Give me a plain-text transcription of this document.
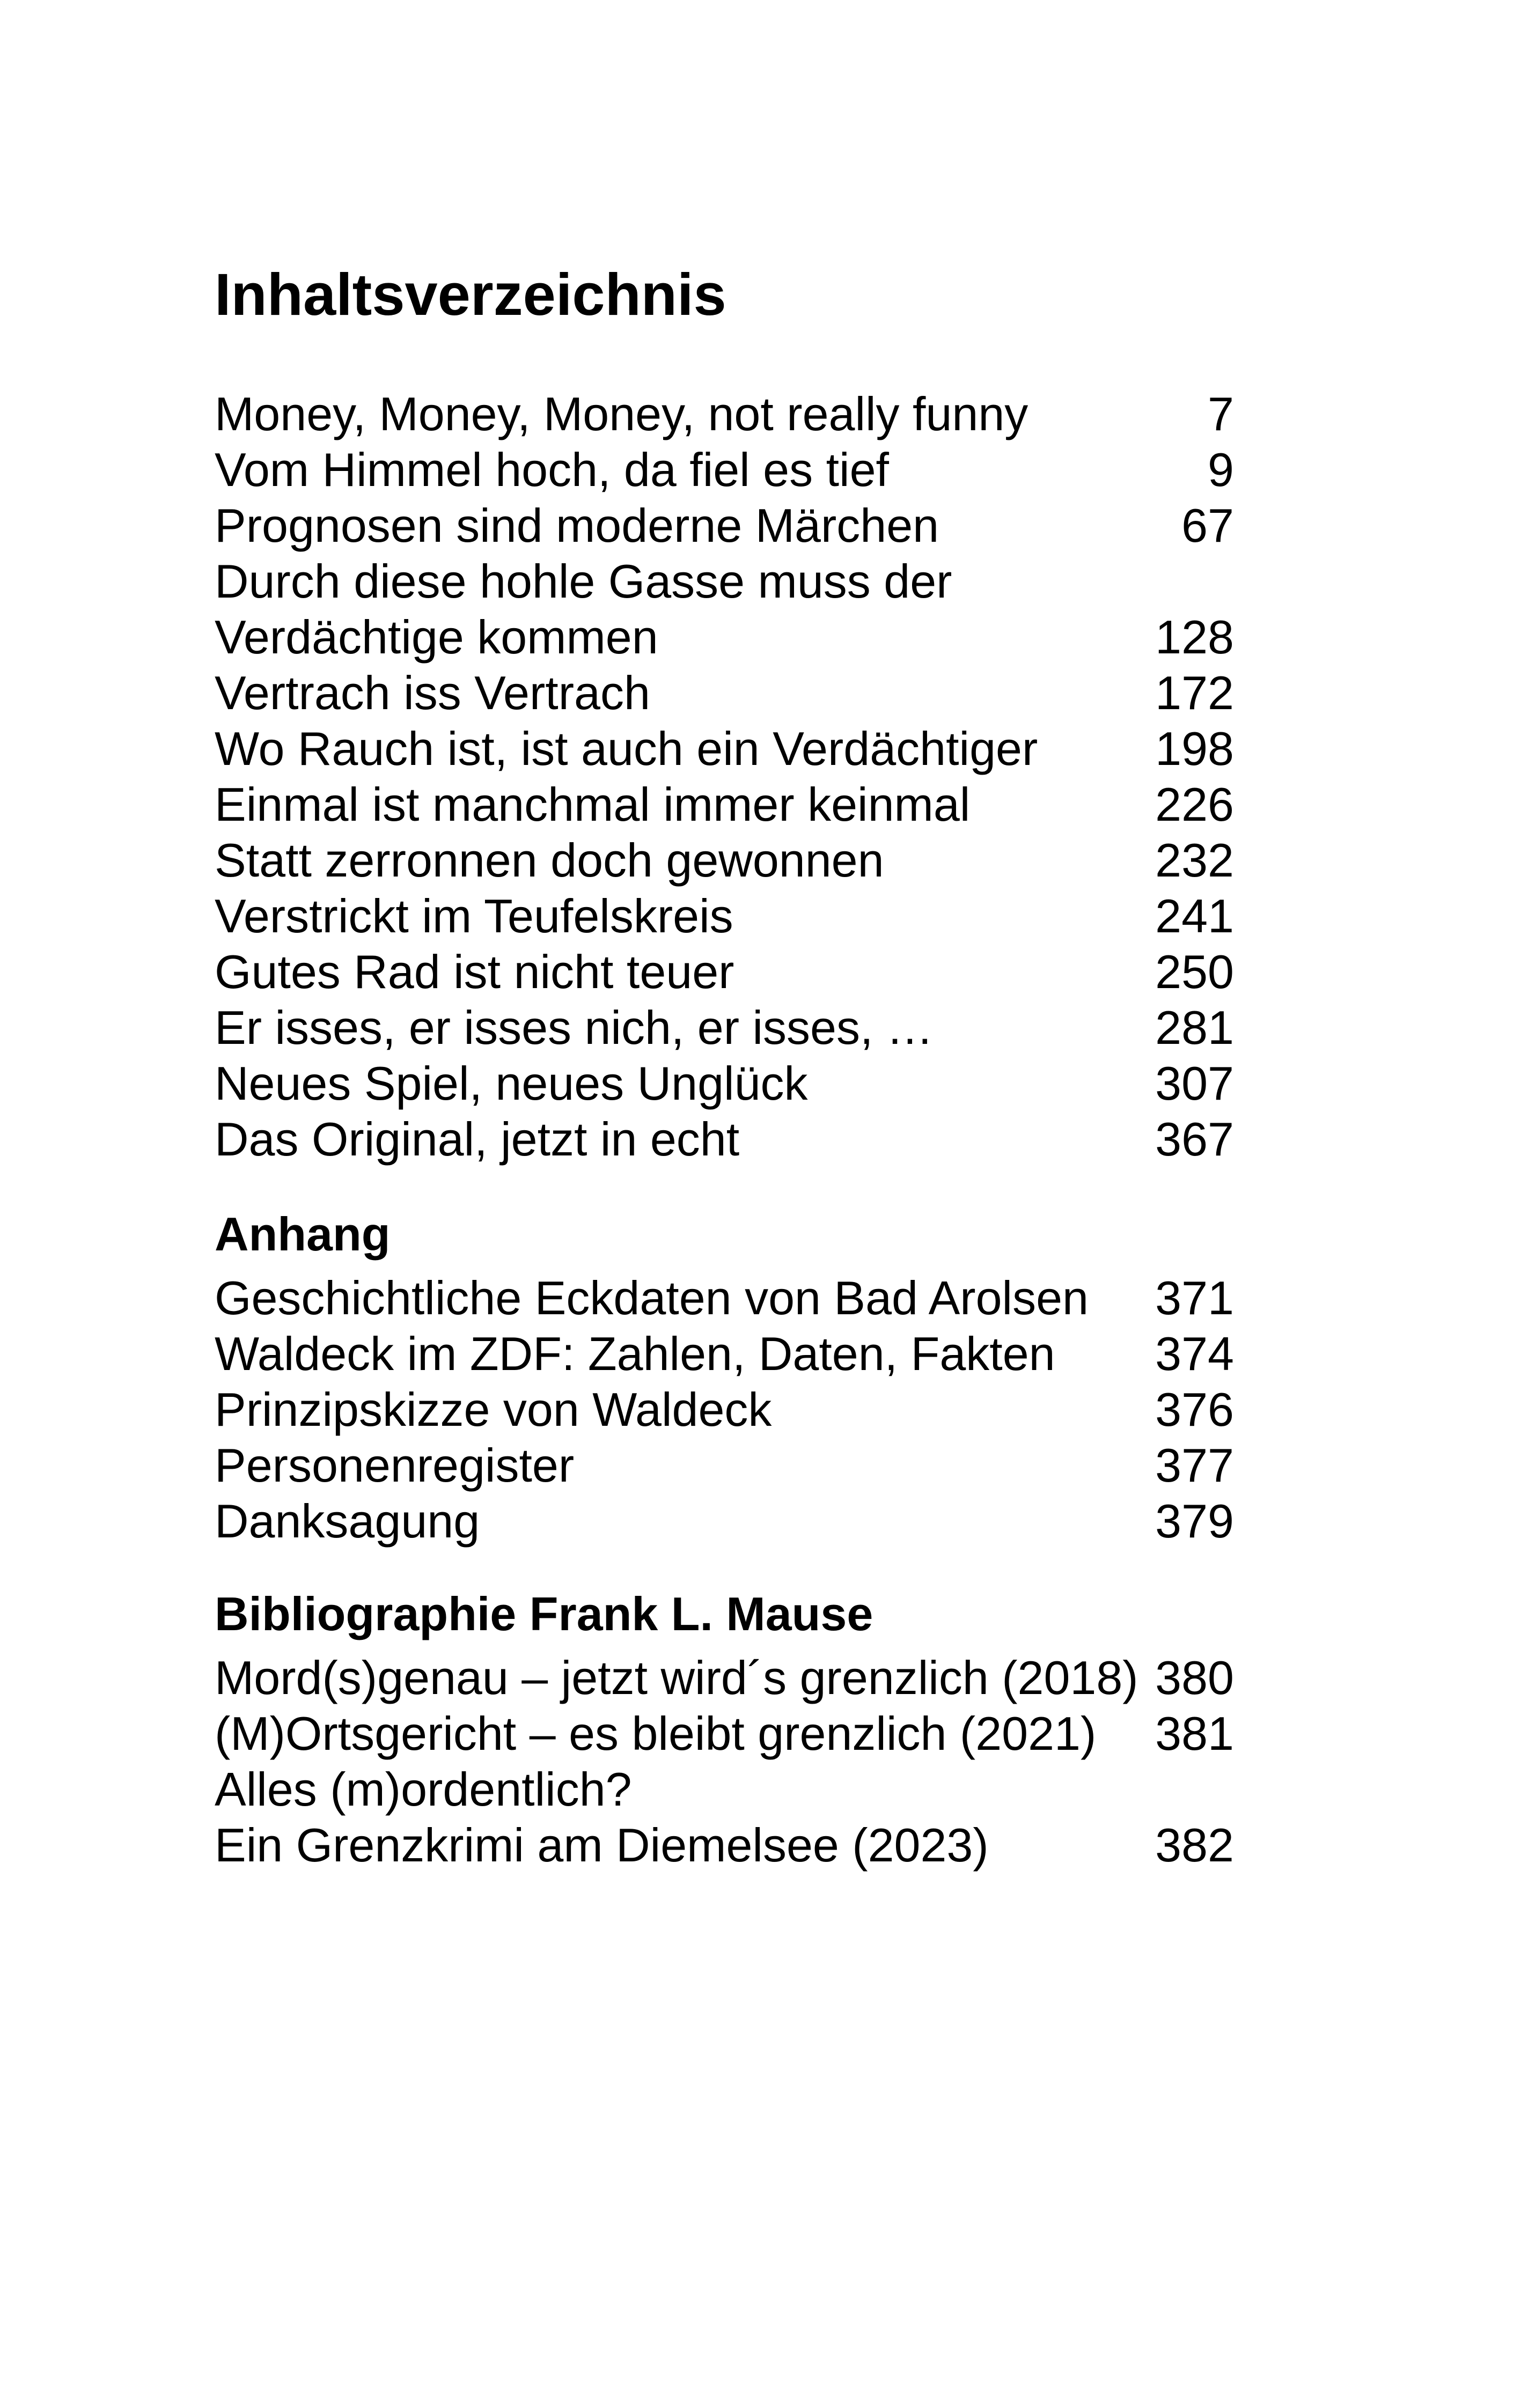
Inhaltsverzeichnis
Money, Money, Money, not really funny	7
Vom Himmel hoch, da fiel es tief	9
Prognosen sind moderne Märchen	67
Durch diese hohle Gasse muss der
Verdächtige kommen	128
Vertrach iss Vertrach	172
Wo Rauch ist, ist auch ein Verdächtiger 198
Einmal ist manchmal immer keinmal	226
Statt zerronnen doch gewonnen	232
Verstrickt im Teufelskreis	241
Gutes Rad ist nicht teuer	250
Er isses, er isses nich, er isses, …	281
Neues Spiel, neues Unglück	307
Das Original, jetzt in echt	367
Anhang
Geschichtliche Eckdaten von Bad Arolsen 371
Waldeck im ZDF: Zahlen, Daten, Fakten 374
Prinzipskizze von Waldeck	376
Personenregister	377
Danksagung	379
Bibliographie Frank L. Mause
Mord(s)genau – jetzt wird´s grenzlich (2018) 380
(M)Ortsgericht – es bleibt grenzlich (2021) 381
Alles (m)ordentlich?
Ein Grenzkrimi am Diemelsee (2023)	382
